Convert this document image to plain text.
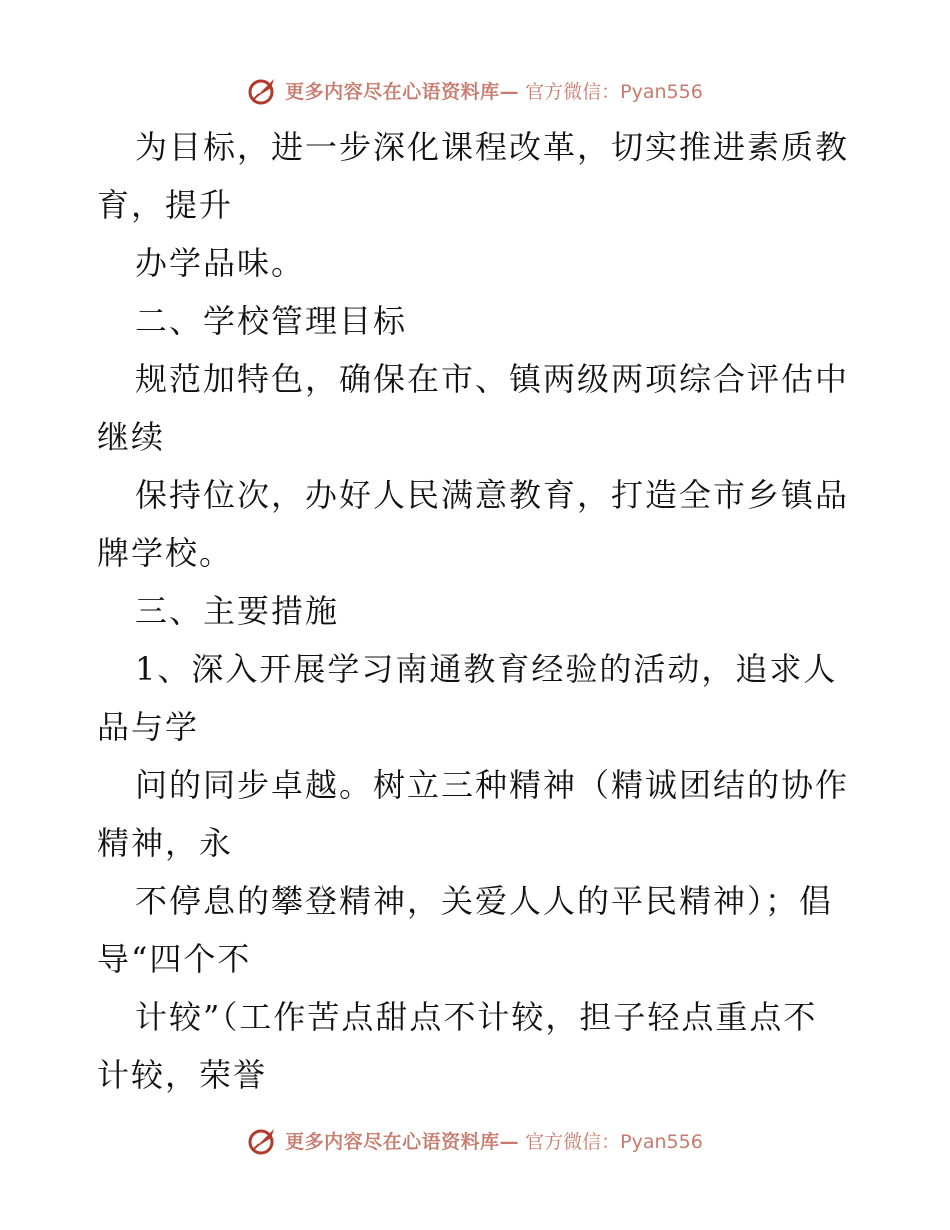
更多内容尽在心语资料库— 官方微信：Pyan556
为目标，进一步深化课程改革，切实推进素质教
育，提升
办学品味。
二、学校管理目标
规范加特色，确保在市、镇两级两项综合评估中
继续
保持位次，办好人民满意教育，打造全市乡镇品
牌学校。
三、主要措施
1、深入开展学习南通教育经验的活动，追求人
品与学
问的同步卓越。树立三种精神（精诚团结的协作
精神，永
不停息的攀登精神，关爱人人的平民精神）；倡
导“四个不
计较”（工作苦点甜点不计较，担子轻点重点不
计较，荣誉
更多内容尽在心语资料库— 官方微信：Pyan556
